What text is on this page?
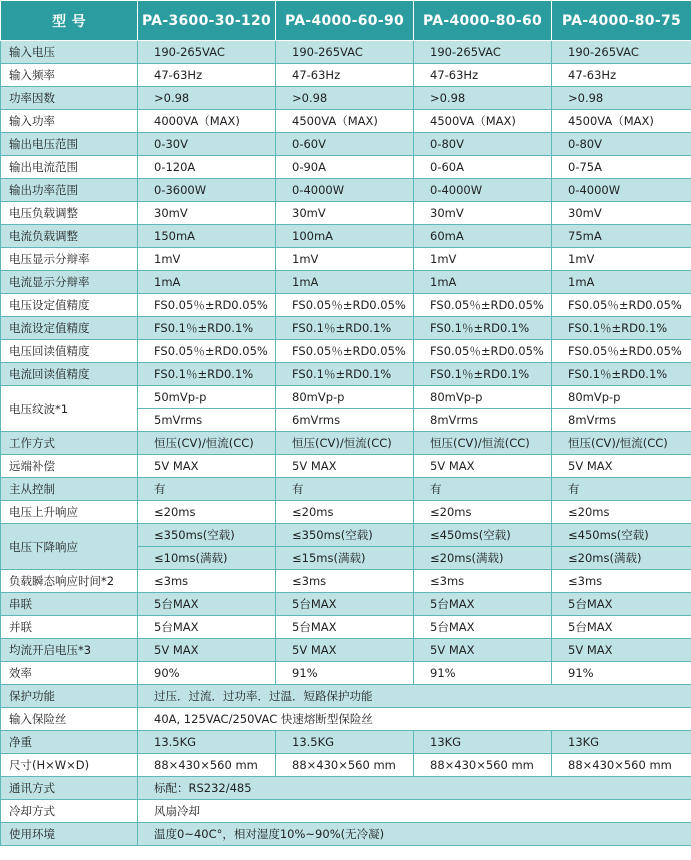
型 号	PA-3600-30-120	PA-4000-60-90	PA-4000-80-60	PA-4000-80-75
输入电压	190-265VAC	190-265VAC	190-265VAC	190-265VAC
输入频率	47-63Hz	47-63Hz	47-63Hz	47-63Hz
功率因数	>0.98	>0.98	>0.98	>0.98
输入功率	4000VA（MAX)	4500VA（MAX)	4500VA（MAX)	4500VA（MAX)
输出电压范围	0-30V	0-60V	0-80V	0-80V
输出电流范围	0-120A	0-90A	0-60A	0-75A
输出功率范围	0-3600W	0-4000W	0-4000W	0-4000W
电压负载调整	30mV	30mV	30mV	30mV
电流负载调整	150mA	100mA	60mA	75mA
电压显示分辩率	1mV	1mV	1mV	1mV
电流显示分辩率	1mA	1mA	1mA	1mA
电压设定值精度	FS0.05％±RD0.05%	FS0.05％±RD0.05%	FS0.05％±RD0.05%	FS0.05％±RD0.05%
电流设定值精度	FS0.1％±RD0.1%	FS0.1％±RD0.1%	FS0.1％±RD0.1%	FS0.1％±RD0.1%
电压回读值精度	FS0.05％±RD0.05%	FS0.05％±RD0.05%	FS0.05％±RD0.05%	FS0.05％±RD0.05%
电流回读值精度	FS0.1％±RD0.1%	FS0.1％±RD0.1%	FS0.1％±RD0.1%	FS0.1％±RD0.1%
电压纹波*1	50mVp-p	80mVp-p	80mVp-p	80mVp-p
	5mVrms	6mVrms	8mVrms	8mVrms
工作方式	恒压(CV)/恒流(CC)	恒压(CV)/恒流(CC)	恒压(CV)/恒流(CC)	恒压(CV)/恒流(CC)
远端补偿	5V MAX	5V MAX	5V MAX	5V MAX
主从控制	有	有	有	有
电压上升响应	≤20ms	≤20ms	≤20ms	≤20ms
电压下降响应	≤350ms(空载)	≤350ms(空载)	≤450ms(空载)	≤450ms(空载)
	≤10ms(满载)	≤15ms(满载)	≤20ms(满载)	≤20ms(满载)
负载瞬态响应时间*2	≤3ms	≤3ms	≤3ms	≤3ms
串联	5台MAX	5台MAX	5台MAX	5台MAX
并联	5台MAX	5台MAX	5台MAX	5台MAX
均流开启电压*3	5V MAX	5V MAX	5V MAX	5V MAX
效率	90%	91%	91%	91%
保护功能	过压．过流．过功率．过温．短路保护功能			
输入保险丝	40A, 125VAC/250VAC 快速熔断型保险丝			
净重	13.5KG	13.5KG	13KG	13KG
尺寸(H×W×D)	88×430×560 mm	88×430×560 mm	88×430×560 mm	88×430×560 mm
通讯方式	标配：RS232/485			
冷却方式	风扇冷却			
使用环境	温度0~40C°，相对湿度10%~90%(无冷凝)			
